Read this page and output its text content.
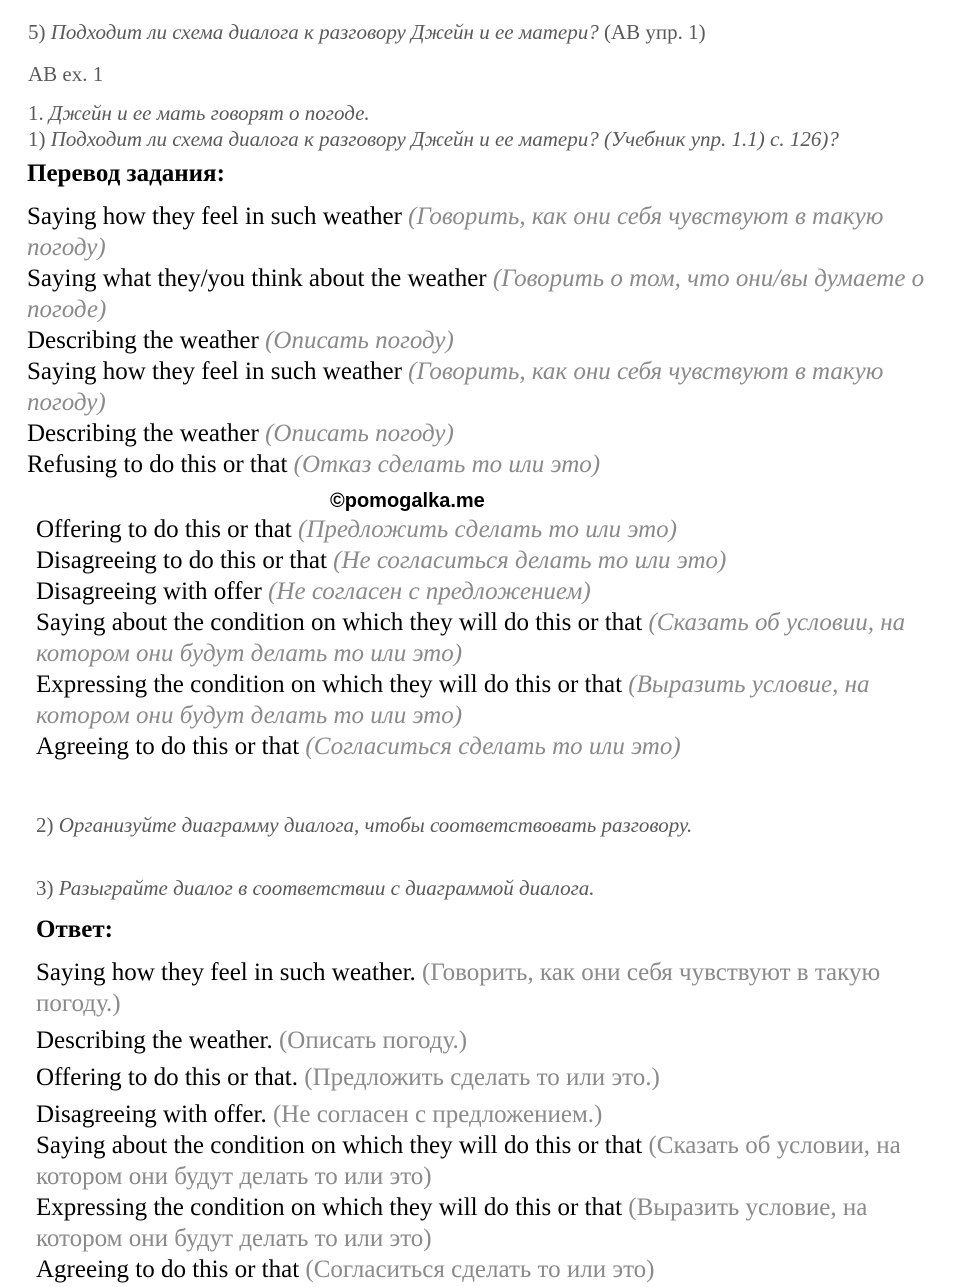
5) Подходит ли схема диалога к разговору Джейн и ее матери? (AB упр. 1)
AB ex. 1
1. Джейн и ее мать говорят о погоде.
1) Подходит ли схема диалога к разговору Джейн и ее матери? (Учебник упр. 1.1) с. 126)?
Перевод задания:
Saying how they feel in such weather (Говорить, как они себя чувствуют в такую погоду)
Saying what they/you think about the weather (Говорить о том, что они/вы думаете о погоде)
Describing the weather (Описать погоду)
Saying how they feel in such weather (Говорить, как они себя чувствуют в такую погоду)
Describing the weather (Описать погоду)
Refusing to do this or that (Отказ сделать то или это)
©pomogalka.me
Offering to do this or that (Предложить сделать то или это)
Disagreeing to do this or that (Не согласиться делать то или это)
Disagreeing with offer (Не согласен с предложением)
Saying about the condition on which they will do this or that (Сказать об условии, на котором они будут делать то или это)
Expressing the condition on which they will do this or that (Выразить условие, на котором они будут делать то или это)
Agreeing to do this or that (Согласиться сделать то или это)
2) Организуйте диаграмму диалога, чтобы соответствовать разговору.
3) Разыграйте диалог в соответствии с диаграммой диалога.
Ответ:
Saying how they feel in such weather. (Говорить, как они себя чувствуют в такую погоду.)
Describing the weather. (Описать погоду.)
Offering to do this or that. (Предложить сделать то или это.)
Disagreeing with offer. (Не согласен с предложением.)
Saying about the condition on which they will do this or that (Сказать об условии, на котором они будут делать то или это)
Expressing the condition on which they will do this or that (Выразить условие, на котором они будут делать то или это)
Agreeing to do this or that (Согласиться сделать то или это)
